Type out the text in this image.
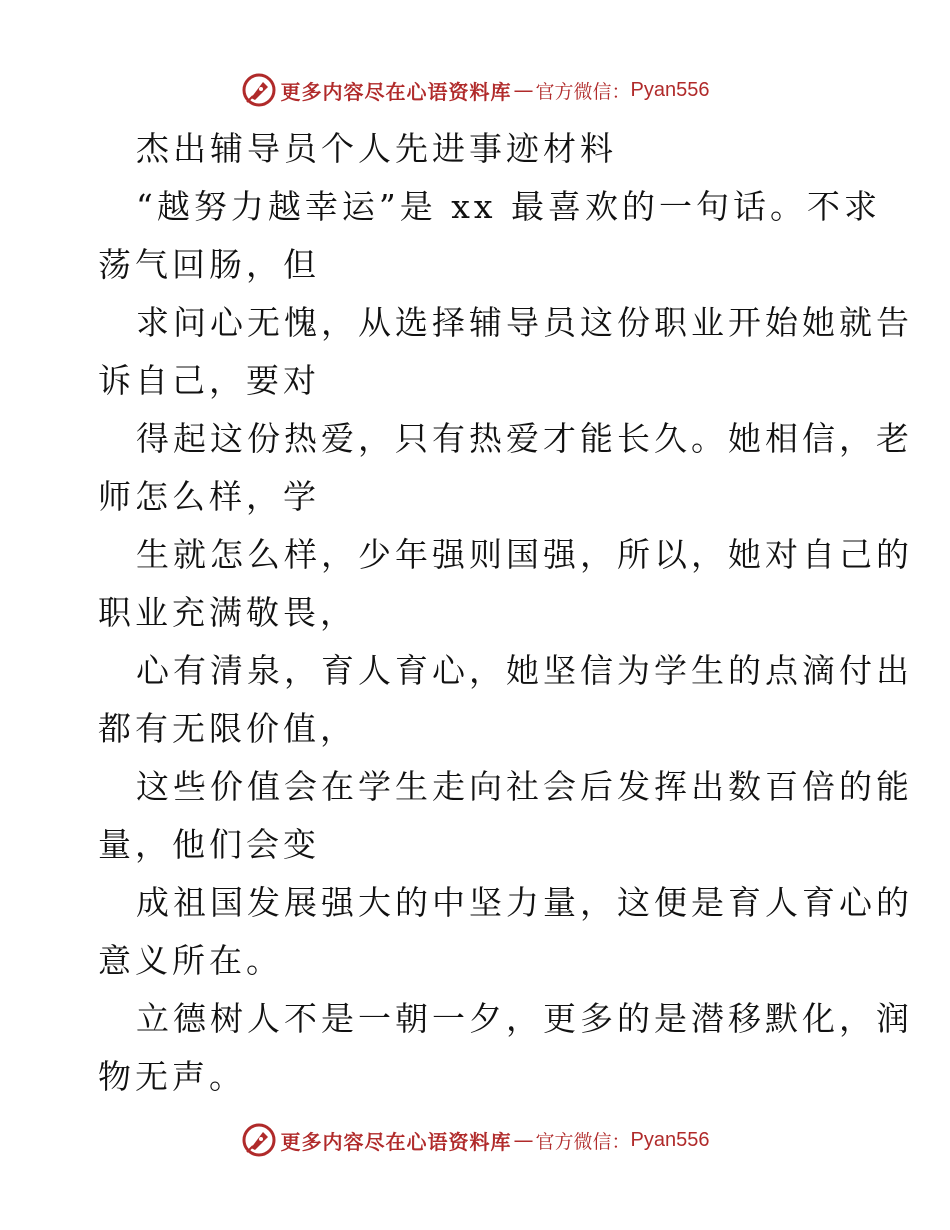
更多内容尽在心语资料库 — 官方微信： Pyan556
杰出辅导员个人先进事迹材料
“越努力越幸运”是 xx 最喜欢的一句话。不求
荡气回肠，但
求问心无愧，从选择辅导员这份职业开始她就告
诉自己，要对
得起这份热爱，只有热爱才能长久。她相信，老
师怎么样，学
生就怎么样，少年强则国强，所以，她对自己的
职业充满敬畏，
心有清泉，育人育心，她坚信为学生的点滴付出
都有无限价值，
这些价值会在学生走向社会后发挥出数百倍的能
量，他们会变
成祖国发展强大的中坚力量，这便是育人育心的
意义所在。
立德树人不是一朝一夕，更多的是潜移默化，润
物无声。
更多内容尽在心语资料库 — 官方微信： Pyan556
